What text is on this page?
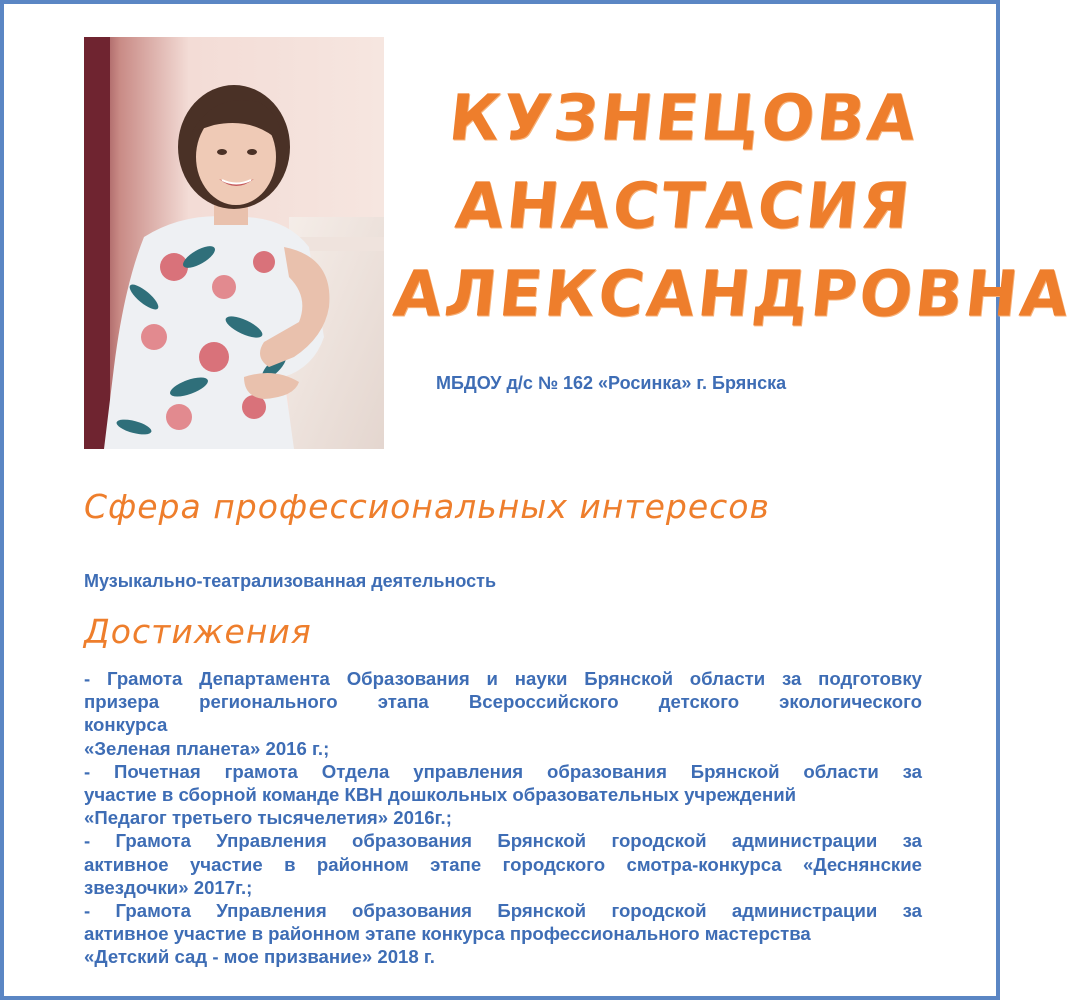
КУЗНЕЦОВА
АНАСТАСИЯ
АЛЕКСАНДРОВНА
МБДОУ д/с № 162 «Росинка» г. Брянска
Сфера профессиональных интересов
Музыкально-театрализованная деятельность
Достижения
- Грамота Департамента Образования и науки Брянской области за подготовку
призера регионального этапа Всероссийского детского экологического
конкурса
«Зеленая планета» 2016 г.;
- Почетная грамота Отдела управления образования Брянской области за
участие в сборной команде КВН дошкольных образовательных учреждений
«Педагог третьего тысячелетия» 2016г.;
- Грамота Управления образования Брянской городской администрации за
активное участие в районном этапе городского смотра-конкурса «Деснянские
звездочки» 2017г.;
- Грамота Управления образования Брянской городской администрации за
активное участие в районном этапе конкурса профессионального мастерства
«Детский сад - мое призвание» 2018 г.
